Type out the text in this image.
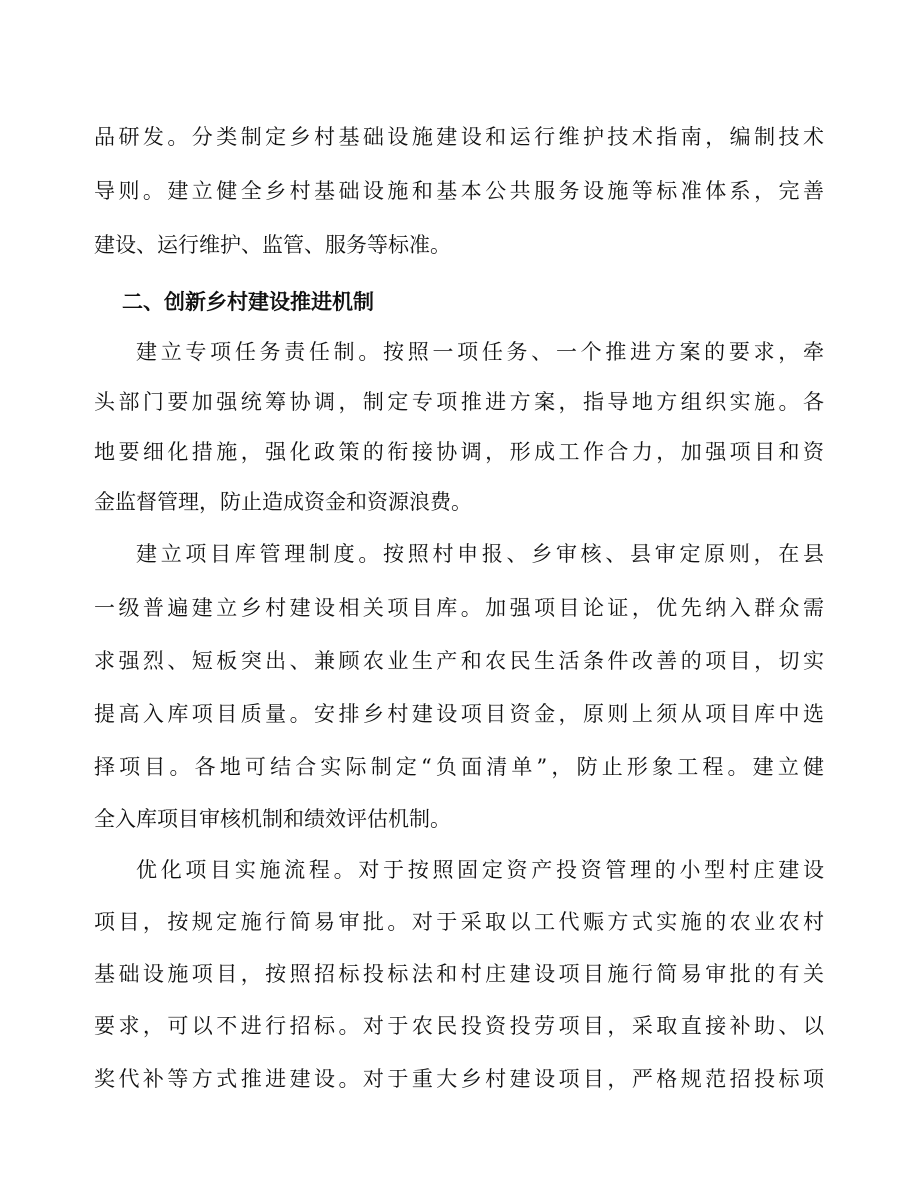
品研发。分类制定乡村基础设施建设和运行维护技术指南，编制技术
导则。建立健全乡村基础设施和基本公共服务设施等标准体系，完善
建设、运行维护、监管、服务等标准。
二、创新乡村建设推进机制
建立专项任务责任制。按照一项任务、一个推进方案的要求，牵
头部门要加强统筹协调，制定专项推进方案，指导地方组织实施。各
地要细化措施，强化政策的衔接协调，形成工作合力，加强项目和资
金监督管理，防止造成资金和资源浪费。
建立项目库管理制度。按照村申报、乡审核、县审定原则，在县
一级普遍建立乡村建设相关项目库。加强项目论证，优先纳入群众需
求强烈、短板突出、兼顾农业生产和农民生活条件改善的项目，切实
提高入库项目质量。安排乡村建设项目资金，原则上须从项目库中选
择项目。各地可结合实际制定“负面清单”，防止形象工程。建立健
全入库项目审核机制和绩效评估机制。
优化项目实施流程。对于按照固定资产投资管理的小型村庄建设
项目，按规定施行简易审批。对于采取以工代赈方式实施的农业农村
基础设施项目，按照招标投标法和村庄建设项目施行简易审批的有关
要求，可以不进行招标。对于农民投资投劳项目，采取直接补助、以
奖代补等方式推进建设。对于重大乡村建设项目，严格规范招投标项
